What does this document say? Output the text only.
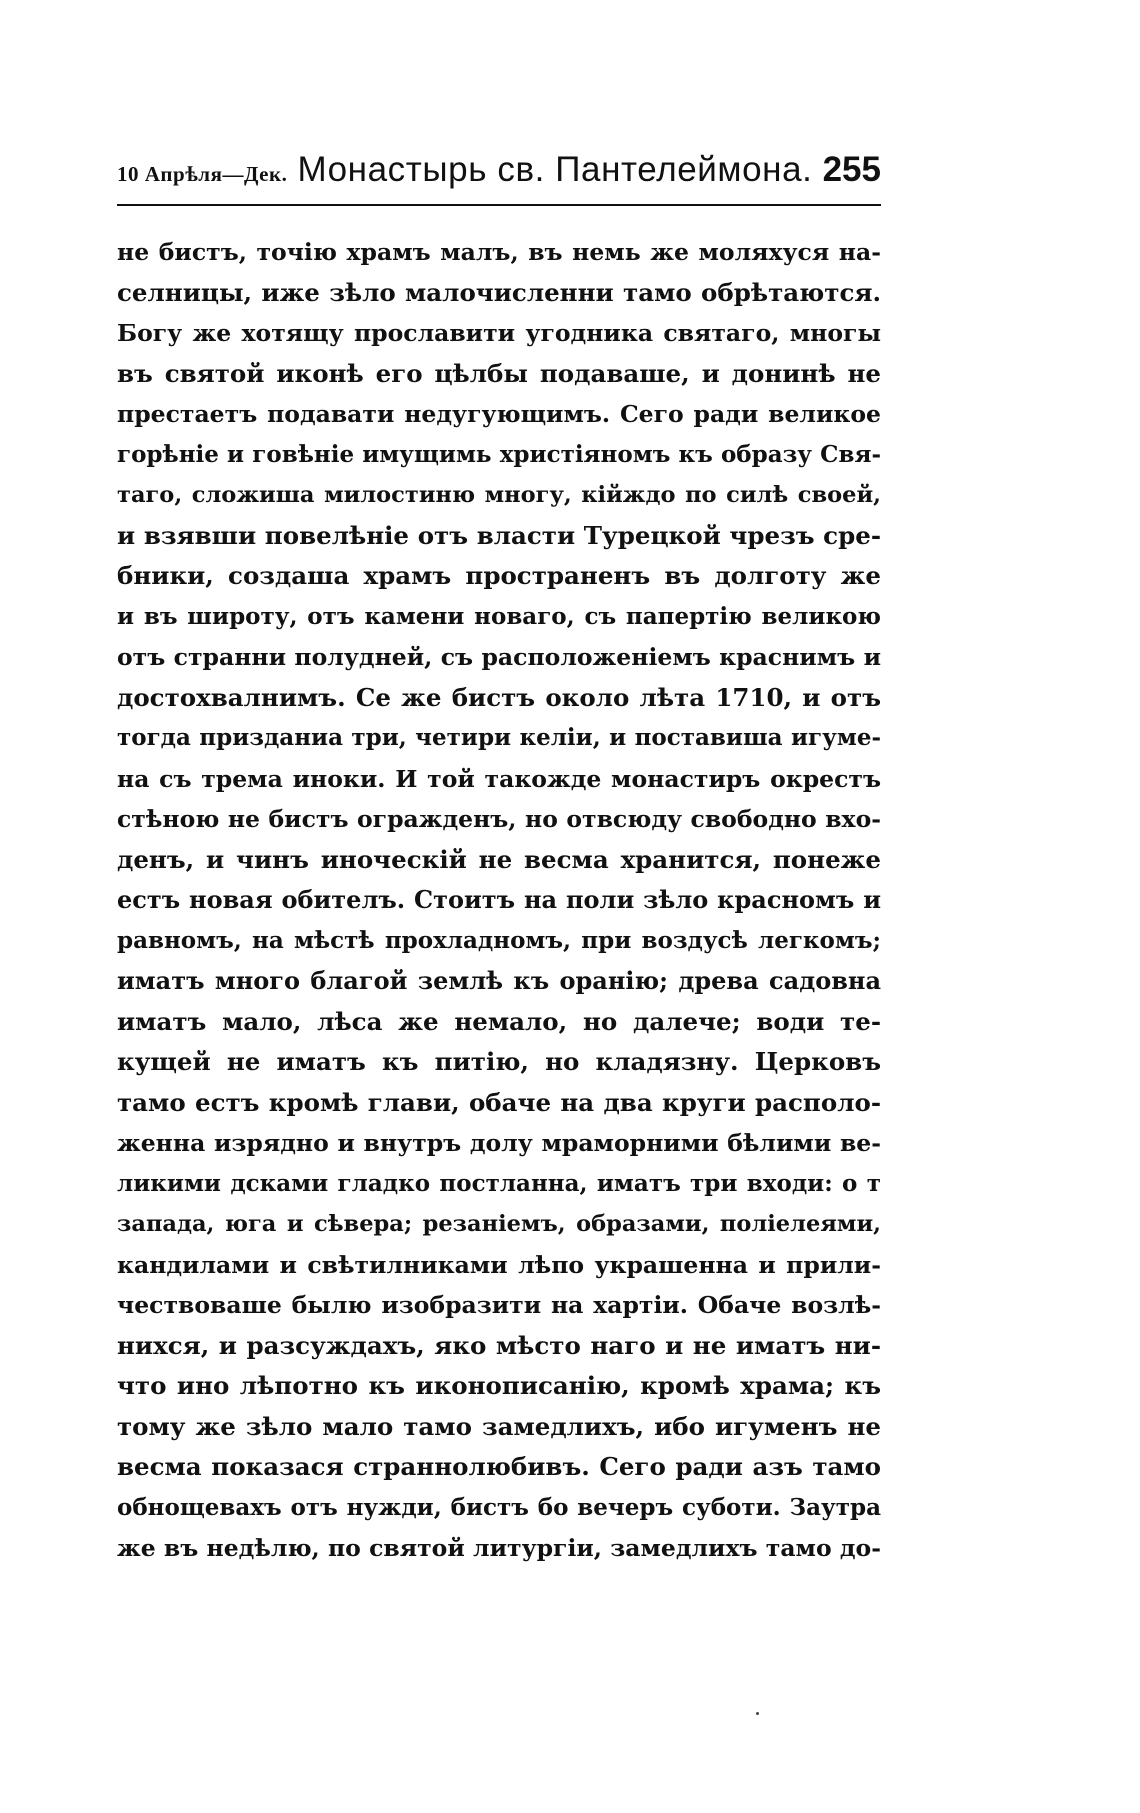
10 Апрѣля—Дек. Монастырь св. Пантелеймона. 255
не бистъ, точію храмъ малъ, въ немь же моляхуся на-
селницы, иже зѣло малочисленни тамо обрѣтаются.
Богу же хотящу прославити угодника святаго, многы
въ святой иконѣ его цѣлбы подаваше, и донинѣ не
престаетъ подавати недугующимъ. Сего ради великое
горѣніе и говѣніе имущимь христіяномъ къ образу Свя-
таго, сложиша милостиню многу, кійждо по силѣ своей,
и взявши повелѣніе отъ власти Турецкой чрезъ сре-
бники, создаша храмъ пространенъ въ долготу же
и въ широту, отъ камени новаго, съ папертію великою
отъ странни полудней, съ расположеніемъ краснимъ и
достохвалнимъ. Се же бистъ около лѣта 1710, и отъ
тогда призданиа три, четири келіи, и поставиша игуме-
на съ трема иноки. И той такожде монастиръ окрестъ
стѣною не бистъ огражденъ, но отвсюду свободно вхо-
денъ, и чинъ иноческій не весма хранится, понеже
естъ новая обителъ. Стоитъ на поли зѣло красномъ и
равномъ, на мѣстѣ прохладномъ, при воздусѣ легкомъ;
иматъ много благой землѣ къ оранію; древа садовна
иматъ мало, лѣса же немало, но далече; води те-
кущей не иматъ къ питію, но кладязну. Церковъ
тамо естъ кромѣ глави, обаче на два круги располо-
женна изрядно и внутръ долу мраморними бѣлими ве-
ликими дсками гладко постланна, иматъ три входи: о т
запада, юга и сѣвера; резаніемъ, образами, поліелеями,
кандилами и свѣтилниками лѣпо украшенна и прили-
чествоваше былю изобразити на хартіи. Обаче возлѣ-
нихся, и разсуждахъ, яко мѣсто наго и не иматъ ни-
что ино лѣпотно къ иконописанію, кромѣ храма; къ
тому же зѣло мало тамо замедлихъ, ибо игуменъ не
весма показася страннолюбивъ. Сего ради азъ тамо
обнощевахъ отъ нужди, бистъ бо вечеръ суботи. Заутра
же въ недѣлю, по святой литургіи, замедлихъ тамо до-
